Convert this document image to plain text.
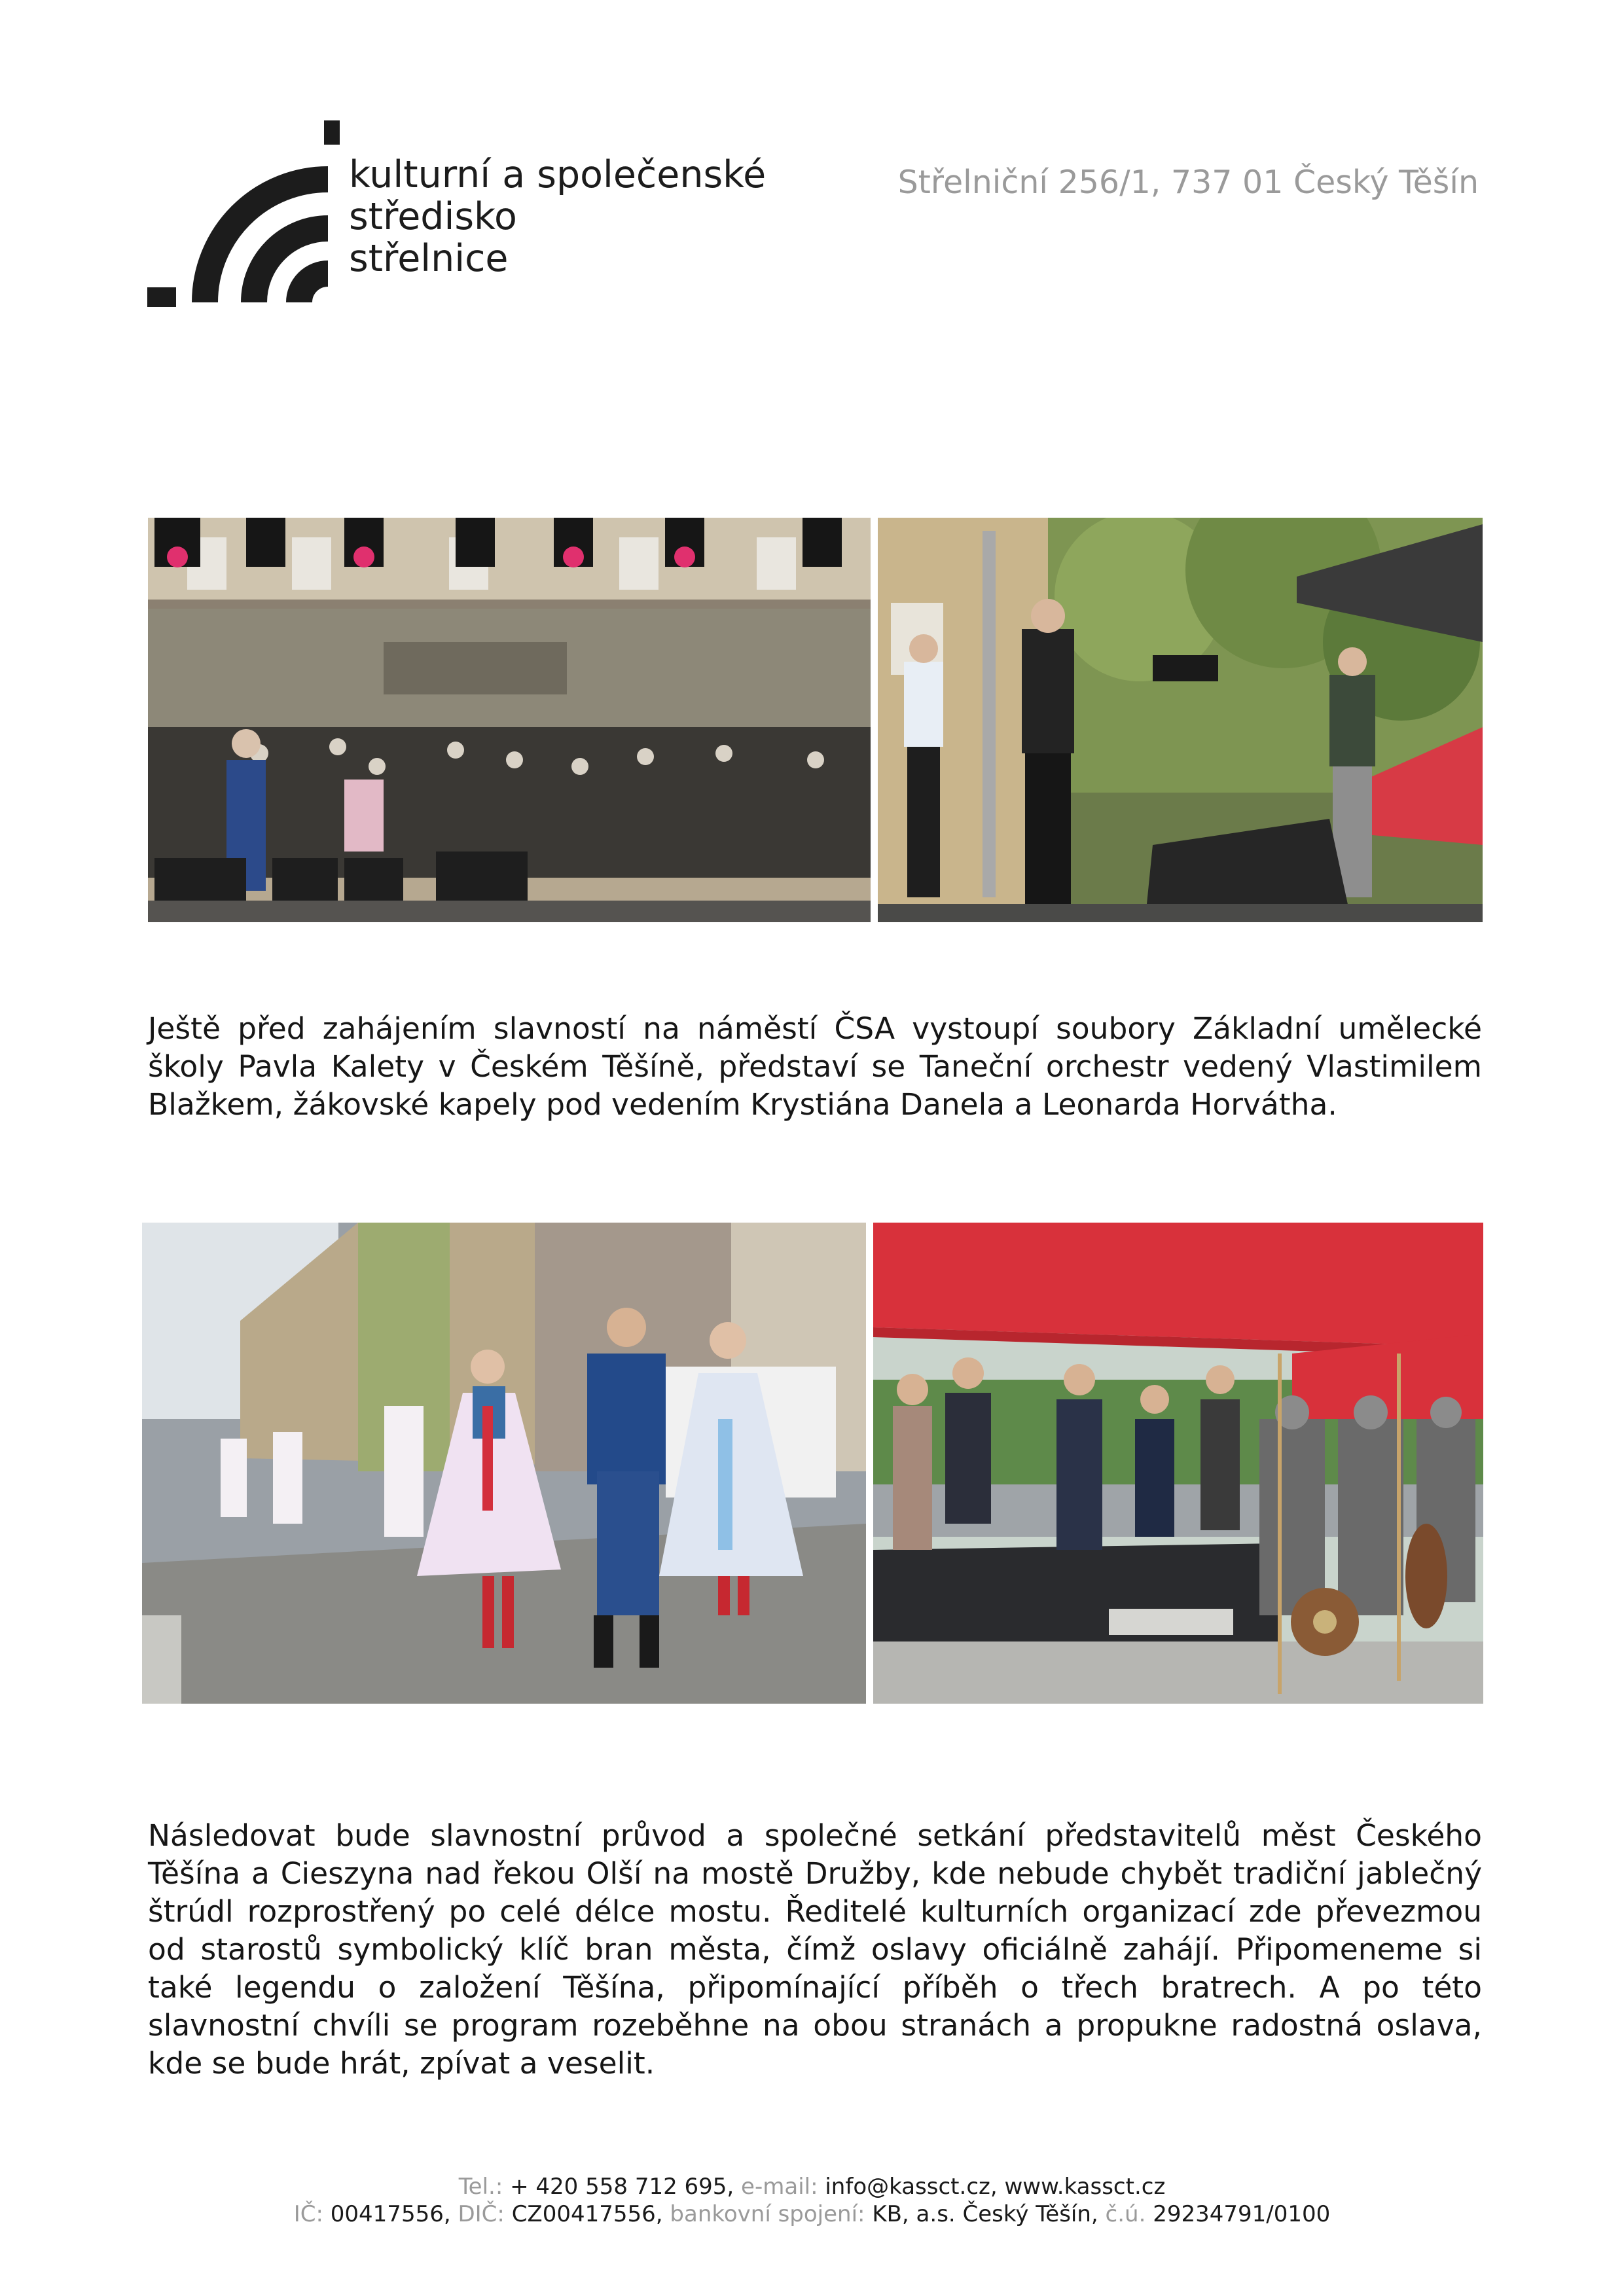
kulturní a společenské
středisko
střelnice
Střelniční 256/1, 737 01 Český Těšín
Ještě před zahájením slavností na náměstí ČSA vystoupí soubory Základní umělecké školy Pavla Kalety v Českém Těšíně, představí se Taneční orchestr vedený Vlastimilem Blažkem, žákovské kapely pod vedením Krystiána Danela a Leonarda Horvátha.
Následovat bude slavnostní průvod a společné setkání představitelů měst Českého Těšína a Cieszyna nad řekou Olší na mostě Družby, kde nebude chybět tradiční jablečný štrúdl rozprostřený po celé délce mostu. Ředitelé kulturních organizací zde převezmou od starostů symbolický klíč bran města, čímž oslavy oficiálně zahájí. Připomeneme si také legendu o založení Těšína, připomínající příběh o třech bratrech. A po této slavnostní chvíli se program rozeběhne na obou stranách a propukne radostná oslava, kde se bude hrát, zpívat a veselit.
Tel.: + 420 558 712 695, e-mail: info@kassct.cz, www.kassct.cz
IČ: 00417556, DIČ: CZ00417556, bankovní spojení: KB, a.s. Český Těšín, č.ú. 29234791/0100
